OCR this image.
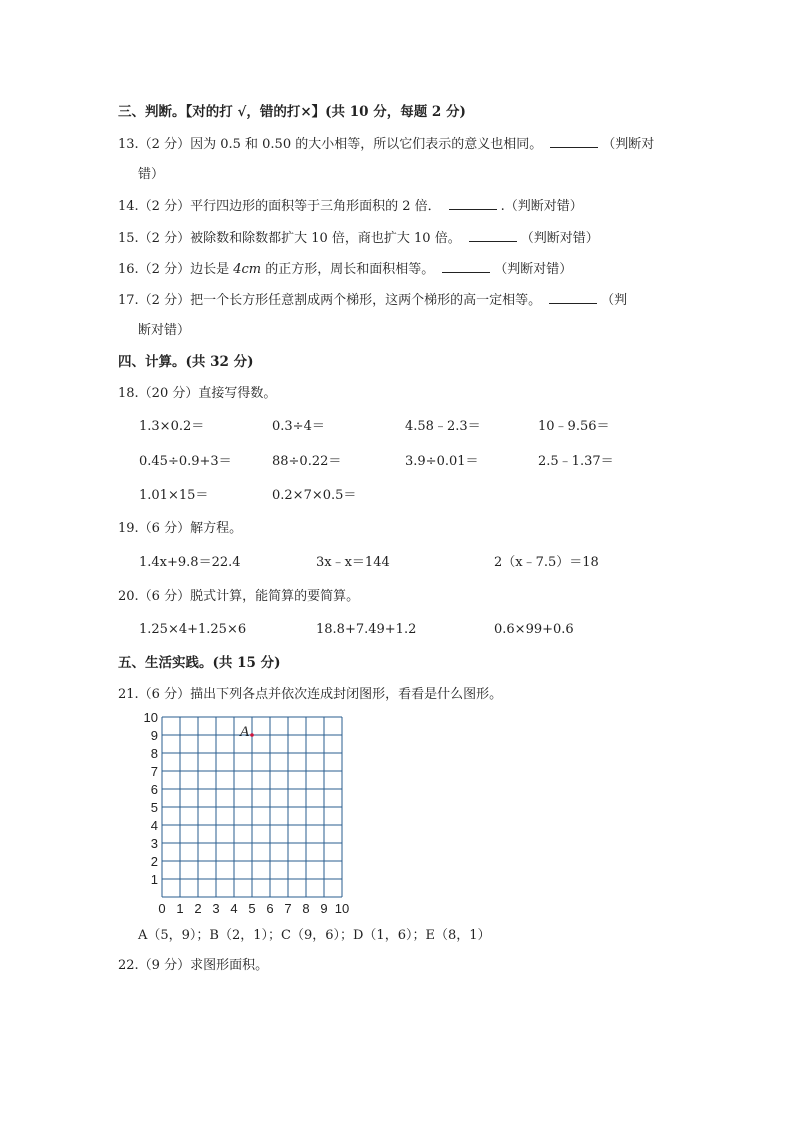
三、判断。【对的打 √，错的打×】(共 10 分，每题 2 分)
13.（2 分）因为 0.5 和 0.50 的大小相等，所以它们表示的意义也相同。	（判断对
错）
14.（2 分）平行四边形的面积等于三角形面积的 2 倍．	.（判断对错）
15.（2 分）被除数和除数都扩大 10 倍，商也扩大 10 倍。	（判断对错）
16.（2 分）边长是 4cm 的正方形，周长和面积相等。	（判断对错）
17.（2 分）把一个长方形任意割成两个梯形，这两个梯形的高一定相等。	（判
断对错）
四、计算。(共 32 分)
18.（20 分）直接写得数。
1.3×0.2＝	0.3÷4＝	4.58﹣2.3＝	10﹣9.56＝
0.45÷0.9+3＝	88÷0.22＝	3.9÷0.01＝	2.5﹣1.37＝
1.01×15＝	0.2×7×0.5＝
19.（6 分）解方程。
1.4x+9.8＝22.4	3x﹣x＝144	2（x﹣7.5）＝18
20.（6 分）脱式计算，能简算的要简算。
1.25×4+1.25×6	18.8+7.49+1.2	0.6×99+0.6
五、生活实践。(共 15 分)
21.（6 分）描出下列各点并依次连成封闭图形，看看是什么图形。
0 1 2 3 4 5 6 7 8 9 10
1
2
3
4
5
6
7
8
9
10
A
A（5，9）；B（2，1）；C（9，6）；D（1，6）；E（8，1）
22.（9 分）求图形面积。
